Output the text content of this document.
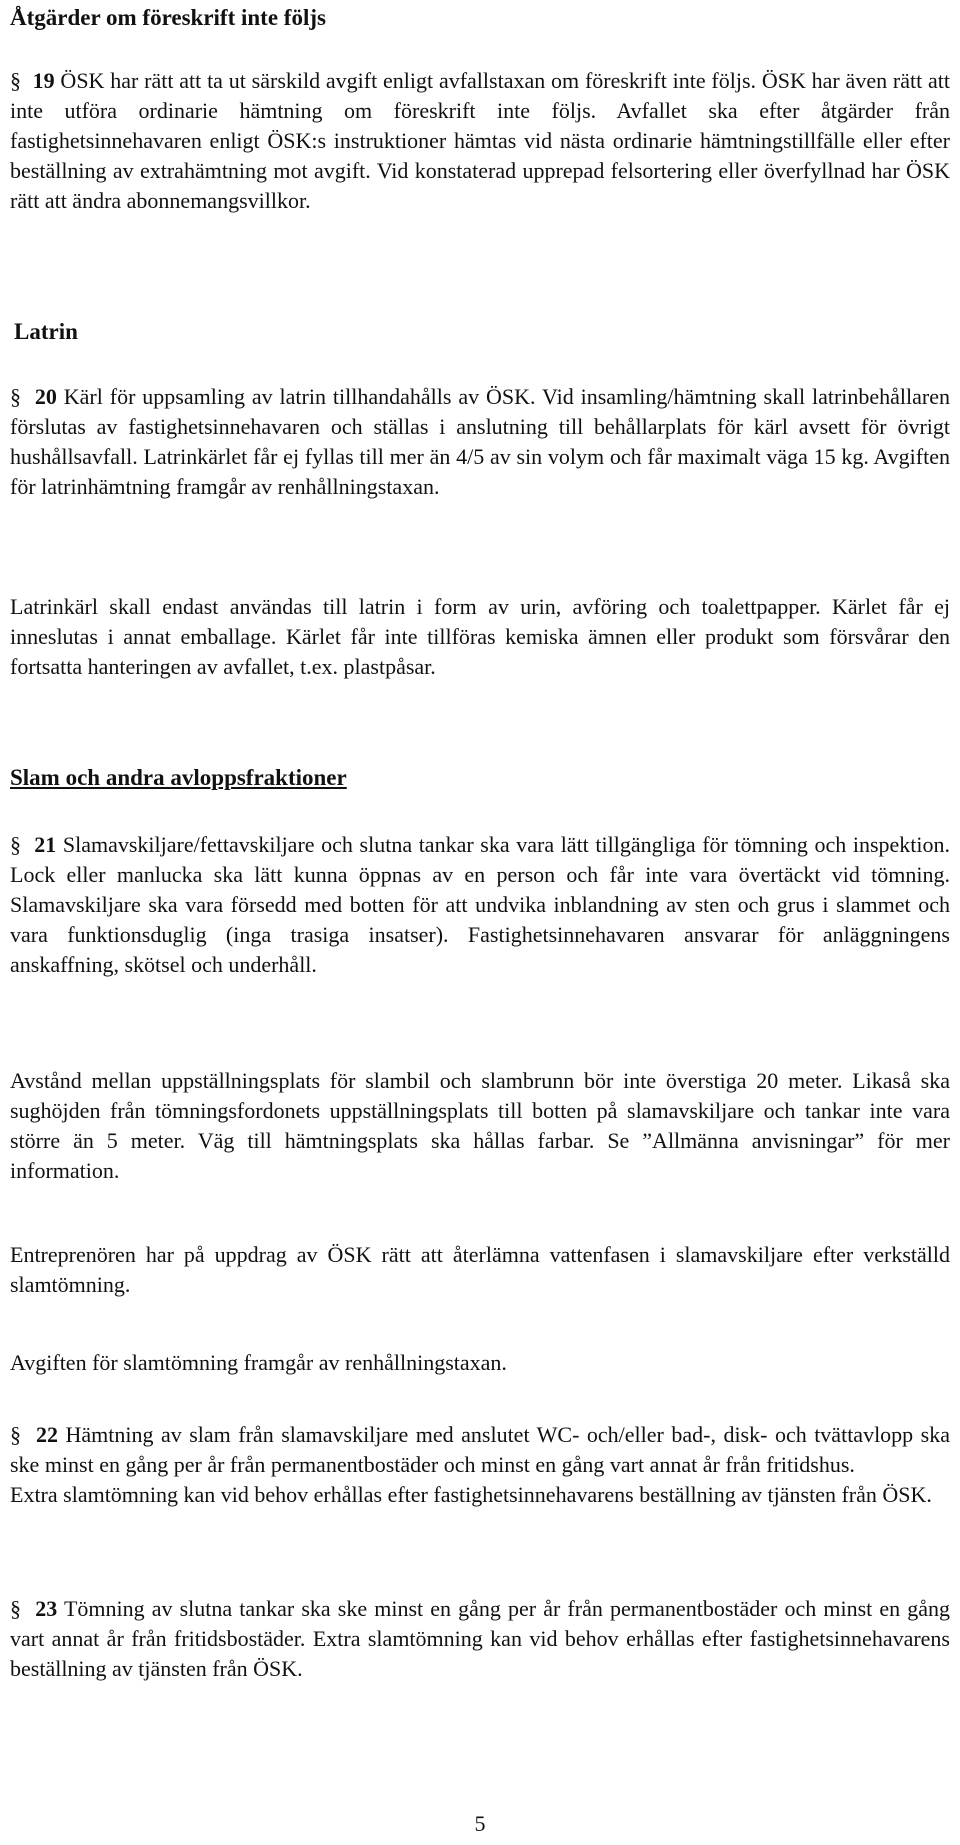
Åtgärder om föreskrift inte följs

§ 19 ÖSK har rätt att ta ut särskild avgift enligt avfallstaxan om föreskrift inte följs. ÖSK har även rätt att inte utföra ordinarie hämtning om föreskrift inte följs. Avfallet ska efter åtgärder från fastighetsinnehavaren enligt ÖSK:s instruktioner hämtas vid nästa ordinarie hämtningstillfälle eller efter beställning av extrahämtning mot avgift. Vid konstaterad upprepad felsortering eller överfyllnad har ÖSK rätt att ändra abonnemangsvillkor.

Latrin

§ 20 Kärl för uppsamling av latrin tillhandahålls av ÖSK. Vid insamling/hämtning skall latrinbehållaren förslutas av fastighetsinnehavaren och ställas i anslutning till behållarplats för kärl avsett för övrigt hushållsavfall. Latrinkärlet får ej fyllas till mer än 4/5 av sin volym och får maximalt väga 15 kg. Avgiften för latrinhämtning framgår av renhållningstaxan.

Latrinkärl skall endast användas till latrin i form av urin, avföring och toalettpapper. Kärlet får ej inneslutas i annat emballage. Kärlet får inte tillföras kemiska ämnen eller produkt som försvårar den fortsatta hanteringen av avfallet, t.ex. plastpåsar.

Slam och andra avloppsfraktioner

§ 21 Slamavskiljare/fettavskiljare och slutna tankar ska vara lätt tillgängliga för tömning och inspektion. Lock eller manlucka ska lätt kunna öppnas av en person och får inte vara övertäckt vid tömning. Slamavskiljare ska vara försedd med botten för att undvika inblandning av sten och grus i slammet och vara funktionsduglig (inga trasiga insatser). Fastighetsinnehavaren ansvarar för anläggningens anskaffning, skötsel och underhåll.

Avstånd mellan uppställningsplats för slambil och slambrunn bör inte överstiga 20 meter. Likaså ska sughöjden från tömningsfordonets uppställningsplats till botten på slamavskiljare och tankar inte vara större än 5 meter. Väg till hämtningsplats ska hållas farbar. Se ”Allmänna anvisningar” för mer information.

Entreprenören har på uppdrag av ÖSK rätt att återlämna vattenfasen i slamavskiljare efter verkställd slamtömning.

Avgiften för slamtömning framgår av renhållningstaxan.

§ 22 Hämtning av slam från slamavskiljare med anslutet WC- och/eller bad-, disk- och tvättavlopp ska ske minst en gång per år från permanentbostäder och minst en gång vart annat år från fritidshus.

Extra slamtömning kan vid behov erhållas efter fastighetsinnehavarens beställning av tjänsten från ÖSK.

§ 23 Tömning av slutna tankar ska ske minst en gång per år från permanentbostäder och minst en gång vart annat år från fritidsbostäder. Extra slamtömning kan vid behov erhållas efter fastighetsinnehavarens beställning av tjänsten från ÖSK.

5
